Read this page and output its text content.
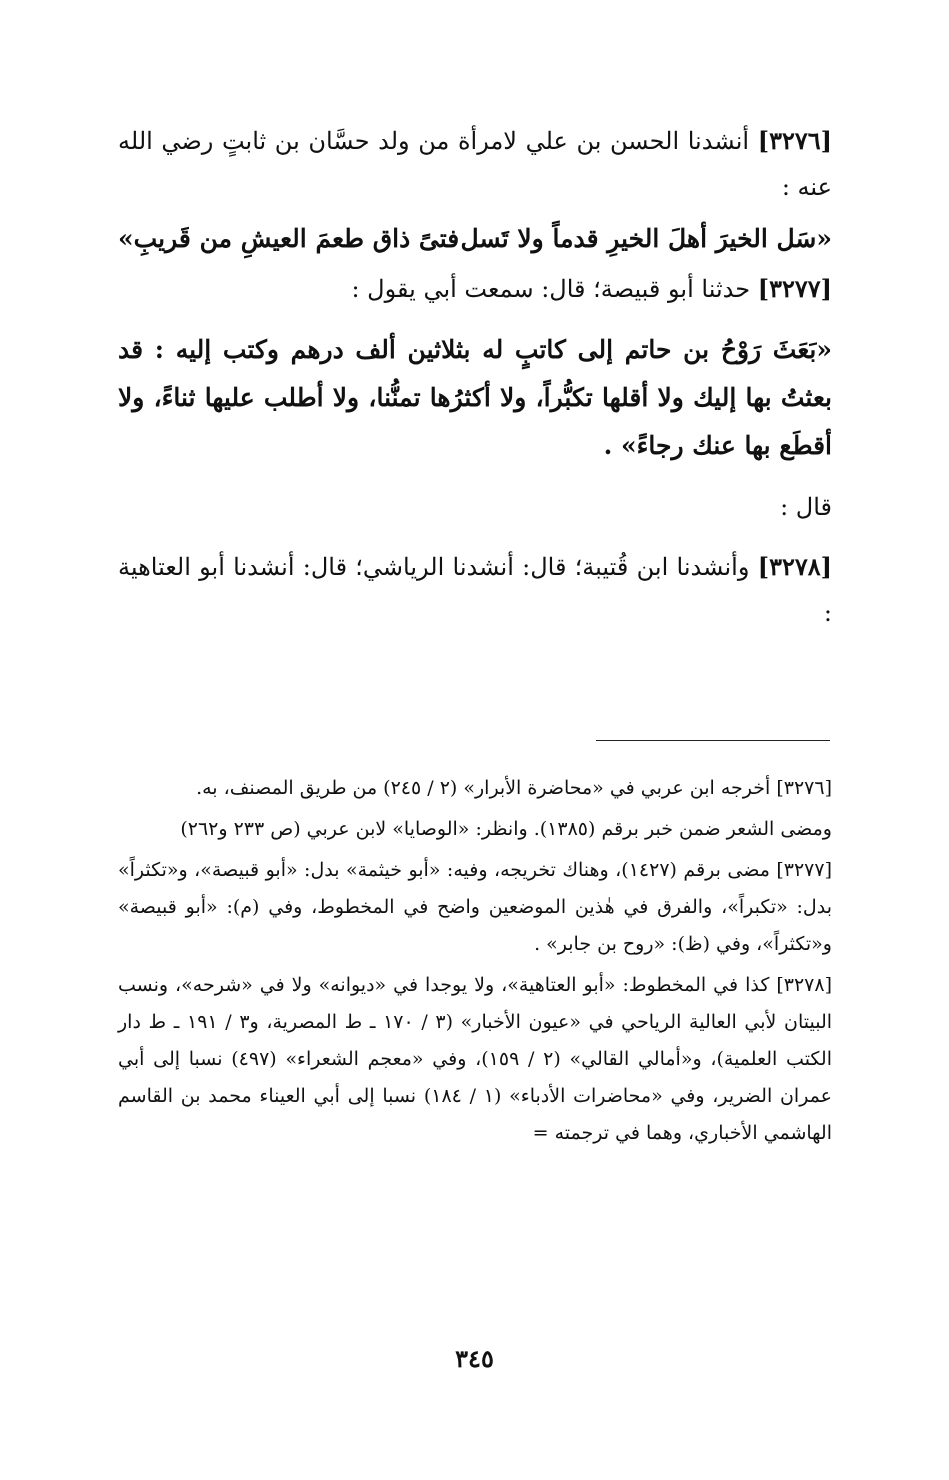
[٣٢٧٦] أنشدنا الحسن بن علي لامرأة من ولد حسَّان بن ثابتٍ رضي الله عنه :

«سَل الخيرَ أهلَ الخيرِ قدماً ولا تَسل
فتىً ذاق طعمَ العيشِ من قَريبِ»

[٣٢٧٧] حدثنا أبو قبيصة؛ قال: سمعت أبي يقول :

«بَعَثَ رَوْحُ بن حاتم إلى كاتبٍ له بثلاثين ألف درهم وكتب إليه : قد بعثتُ بها إليك ولا أقلها تكبُّراً، ولا أكثرُها تمنُّنا، ولا أطلب عليها ثناءً، ولا أقطَع بها عنك رجاءً» .

قال :

[٣٢٧٨] وأنشدنا ابن قُتيبة؛ قال: أنشدنا الرياشي؛ قال: أنشدنا أبو العتاهية :

[٣٢٧٦] أخرجه ابن عربي في «محاضرة الأبرار» (٢ / ٢٤٥) من طريق المصنف، به.

ومضى الشعر ضمن خبر برقم (١٣٨٥). وانظر: «الوصايا» لابن عربي (ص ٢٣٣ و٢٦٢)

[٣٢٧٧] مضى برقم (١٤٢٧)، وهناك تخريجه، وفيه: «أبو خيثمة» بدل: «أبو قبيصة»، و«تكثراً» بدل: «تكبراً»، والفرق في هٰذين الموضعين واضح في المخطوط، وفي (م): «أبو قبيصة» و«تكثراً»، وفي (ظ): «روح بن جابر» .

[٣٢٧٨] كذا في المخطوط: «أبو العتاهية»، ولا يوجدا في «ديوانه» ولا في «شرحه»، ونسب البيتان لأبي العالية الرياحي في «عيون الأخبار» (٣ / ١٧٠ ـ ط المصرية، و٣ / ١٩١ ـ ط دار الكتب العلمية)، و«أمالي القالي» (٢ / ١٥٩)، وفي «معجم الشعراء» (٤٩٧) نسبا إلى أبي عمران الضرير، وفي «محاضرات الأدباء» (١ / ١٨٤) نسبا إلى أبي العيناء محمد بن القاسم الهاشمي الأخباري، وهما في ترجمته =

٣٤٥
